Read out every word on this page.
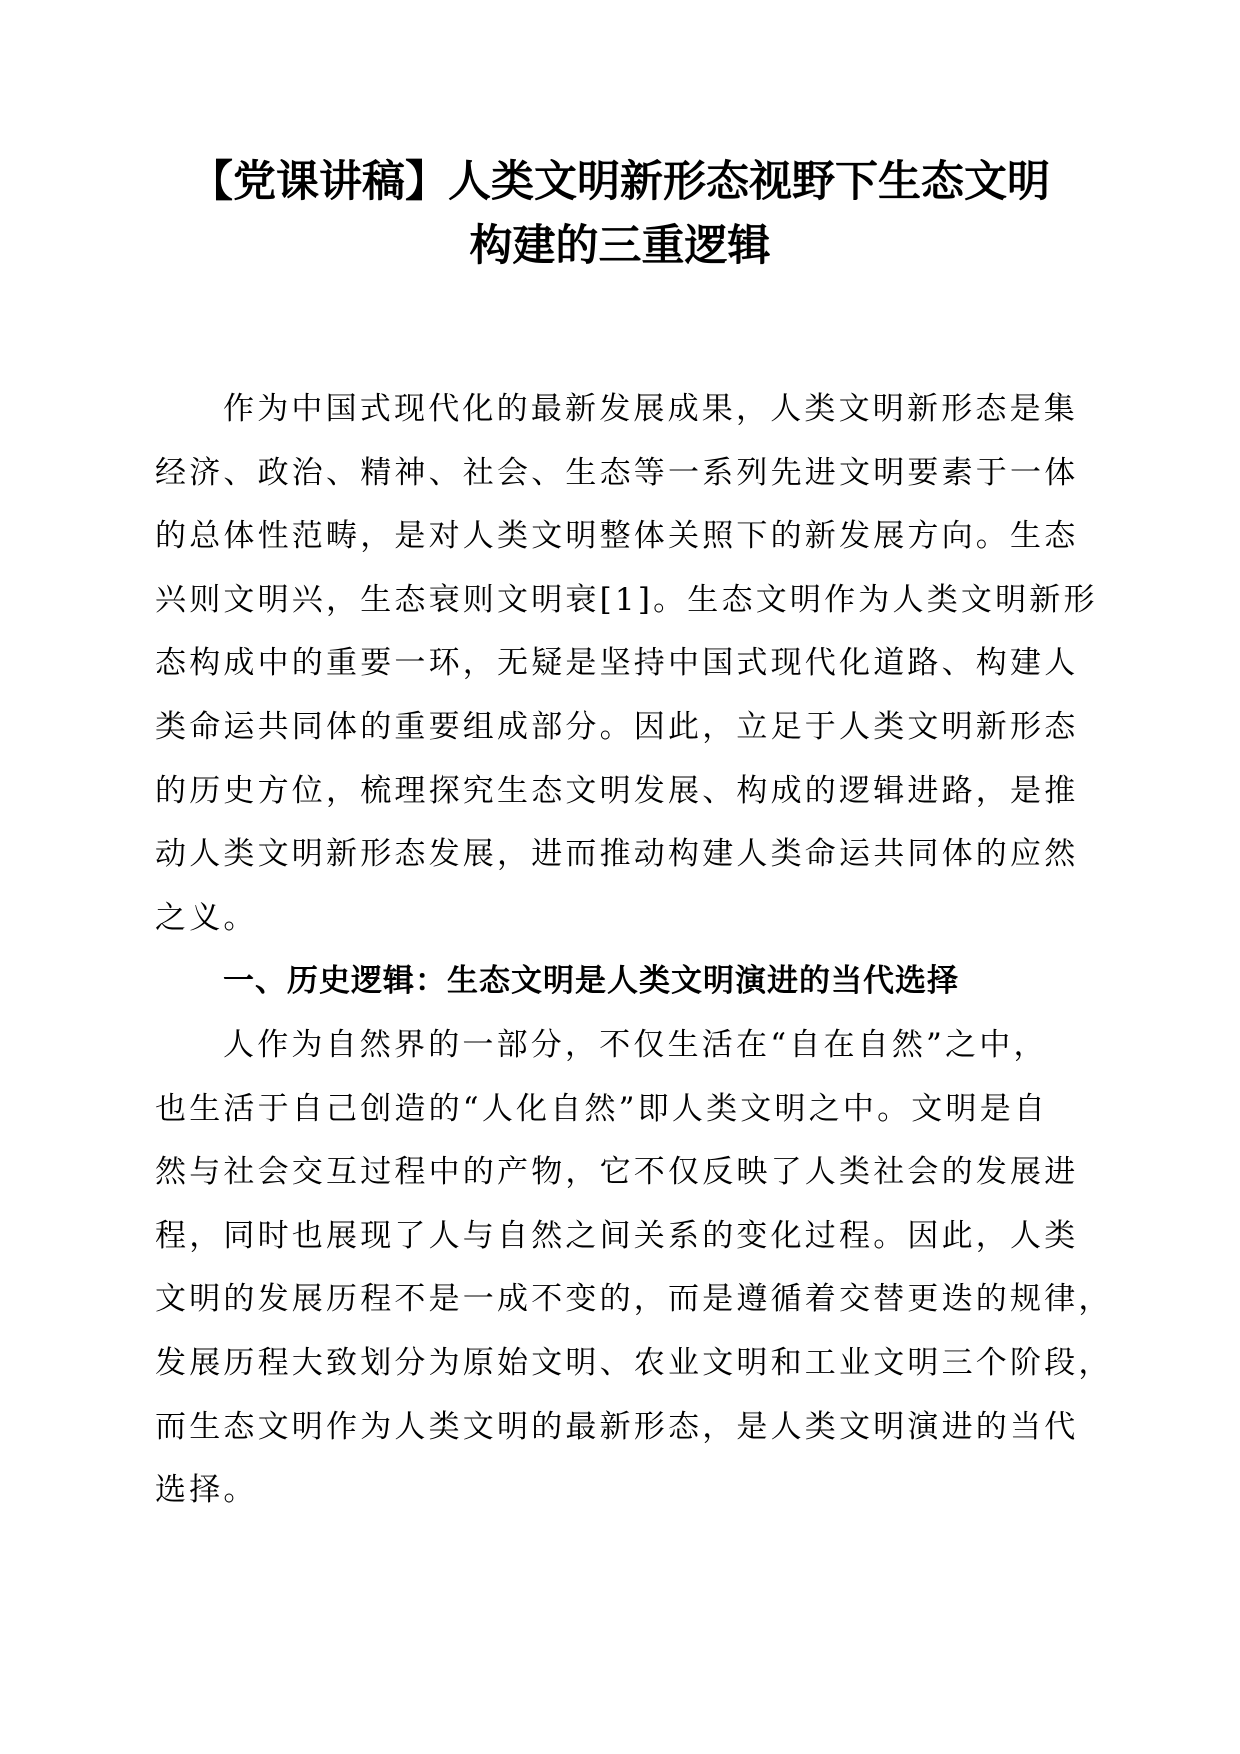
【党课讲稿】人类文明新形态视野下生态文明
构建的三重逻辑
作为中国式现代化的最新发展成果，人类文明新形态是集
经济、政治、精神、社会、生态等一系列先进文明要素于一体
的总体性范畴，是对人类文明整体关照下的新发展方向。生态
兴则文明兴，生态衰则文明衰[1]。生态文明作为人类文明新形
态构成中的重要一环，无疑是坚持中国式现代化道路、构建人
类命运共同体的重要组成部分。因此，立足于人类文明新形态
的历史方位，梳理探究生态文明发展、构成的逻辑进路，是推
动人类文明新形态发展，进而推动构建人类命运共同体的应然
之义。
一、历史逻辑：生态文明是人类文明演进的当代选择
人作为自然界的一部分，不仅生活在“自在自然”之中，
也生活于自己创造的“人化自然”即人类文明之中。文明是自
然与社会交互过程中的产物，它不仅反映了人类社会的发展进
程，同时也展现了人与自然之间关系的变化过程。因此，人类
文明的发展历程不是一成不变的，而是遵循着交替更迭的规律，
发展历程大致划分为原始文明、农业文明和工业文明三个阶段，
而生态文明作为人类文明的最新形态，是人类文明演进的当代
选择。
